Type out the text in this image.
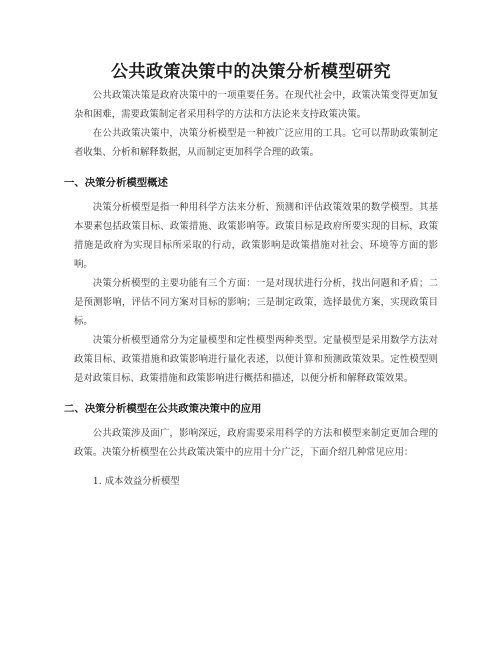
公共政策决策中的决策分析模型研究

公共政策决策是政府决策中的一项重要任务。在现代社会中，政策决策变得更加复杂和困难，需要政策制定者采用科学的方法和方法论来支持政策决策。

在公共政策决策中，决策分析模型是一种被广泛应用的工具。它可以帮助政策制定者收集、分析和解释数据，从而制定更加科学合理的政策。

一、决策分析模型概述

决策分析模型是指一种用科学方法来分析、预测和评估政策效果的数学模型。其基本要素包括政策目标、政策措施、政策影响等。政策目标是政府所要实现的目标，政策措施是政府为实现目标所采取的行动，政策影响是政策措施对社会、环境等方面的影响。

决策分析模型的主要功能有三个方面：一是对现状进行分析，找出问题和矛盾；二是预测影响，评估不同方案对目标的影响；三是制定政策，选择最优方案，实现政策目标。

决策分析模型通常分为定量模型和定性模型两种类型。定量模型是采用数学方法对政策目标、政策措施和政策影响进行量化表述，以便计算和预测政策效果。定性模型则是对政策目标、政策措施和政策影响进行概括和描述，以便分析和解释政策效果。

二、决策分析模型在公共政策决策中的应用

公共政策涉及面广，影响深远，政府需要采用科学的方法和模型来制定更加合理的政策。决策分析模型在公共政策决策中的应用十分广泛，下面介绍几种常见应用：

1. 成本效益分析模型
